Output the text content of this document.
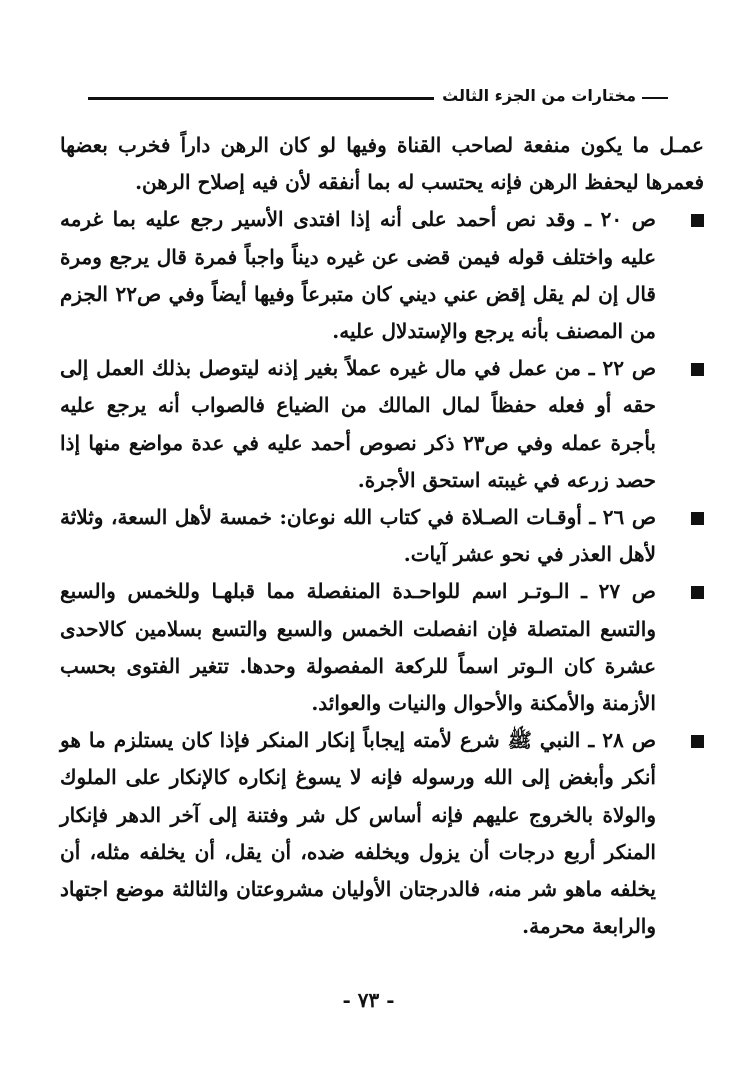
مختارات من الجزء الثالث

عمـل ما يكون منفعة لصاحب القناة وفيها لو كان الرهن داراً فخرب بعضها فعمرها ليحفظ الرهن فإنه يحتسب له بما أنفقه لأن فيه إصلاح الرهن.

ص ٢٠ ـ وقد نص أحمد على أنه إذا افتدى الأسير رجع عليه بما غرمه عليه واختلف قوله فيمن قضى عن غيره ديناً واجباً فمرة قال يرجع ومرة قال إن لم يقل إقض عني ديني كان متبرعاً وفيها أيضاً وفي ص٢٢ الجزم من المصنف بأنه يرجع والإستدلال عليه.

ص ٢٢ ـ من عمل في مال غيره عملاً بغير إذنه ليتوصل بذلك العمل إلى حقه أو فعله حفظاً لمال المالك من الضياع فالصواب أنه يرجع عليه بأجرة عمله وفي ص٢٣ ذكر نصوص أحمد عليه في عدة مواضع منها إذا حصد زرعه في غيبته استحق الأجرة.

ص ٢٦ ـ أوقـات الصـلاة في كتاب الله نوعان: خمسة لأهل السعة، وثلاثة لأهل العذر في نحو عشر آيات.

ص ٢٧ ـ الـوتـر اسم للواحـدة المنفصلة مما قبلهـا وللخمس والسبع والتسع المتصلة فإن انفصلت الخمس والسبع والتسع بسلامين كالاحدى عشرة كان الـوتر اسماً للركعة المفصولة وحدها. تتغير الفتوى بحسب الأزمنة والأمكنة والأحوال والنيات والعوائد.

ص ٢٨ ـ النبي ﷺ شرع لأمته إيجاباً إنكار المنكر فإذا كان يستلزم ما هو أنكر وأبغض إلى الله ورسوله فإنه لا يسوغ إنكاره كالإنكار على الملوك والولاة بالخروج عليهم فإنه أساس كل شر وفتنة إلى آخر الدهر فإنكار المنكر أربع درجات أن يزول ويخلفه ضده، أن يقل، أن يخلفه مثله، أن يخلفه ماهو شر منه، فالدرجتان الأوليان مشروعتان والثالثة موضع اجتهاد والرابعة محرمة.

- ٧٣ -
